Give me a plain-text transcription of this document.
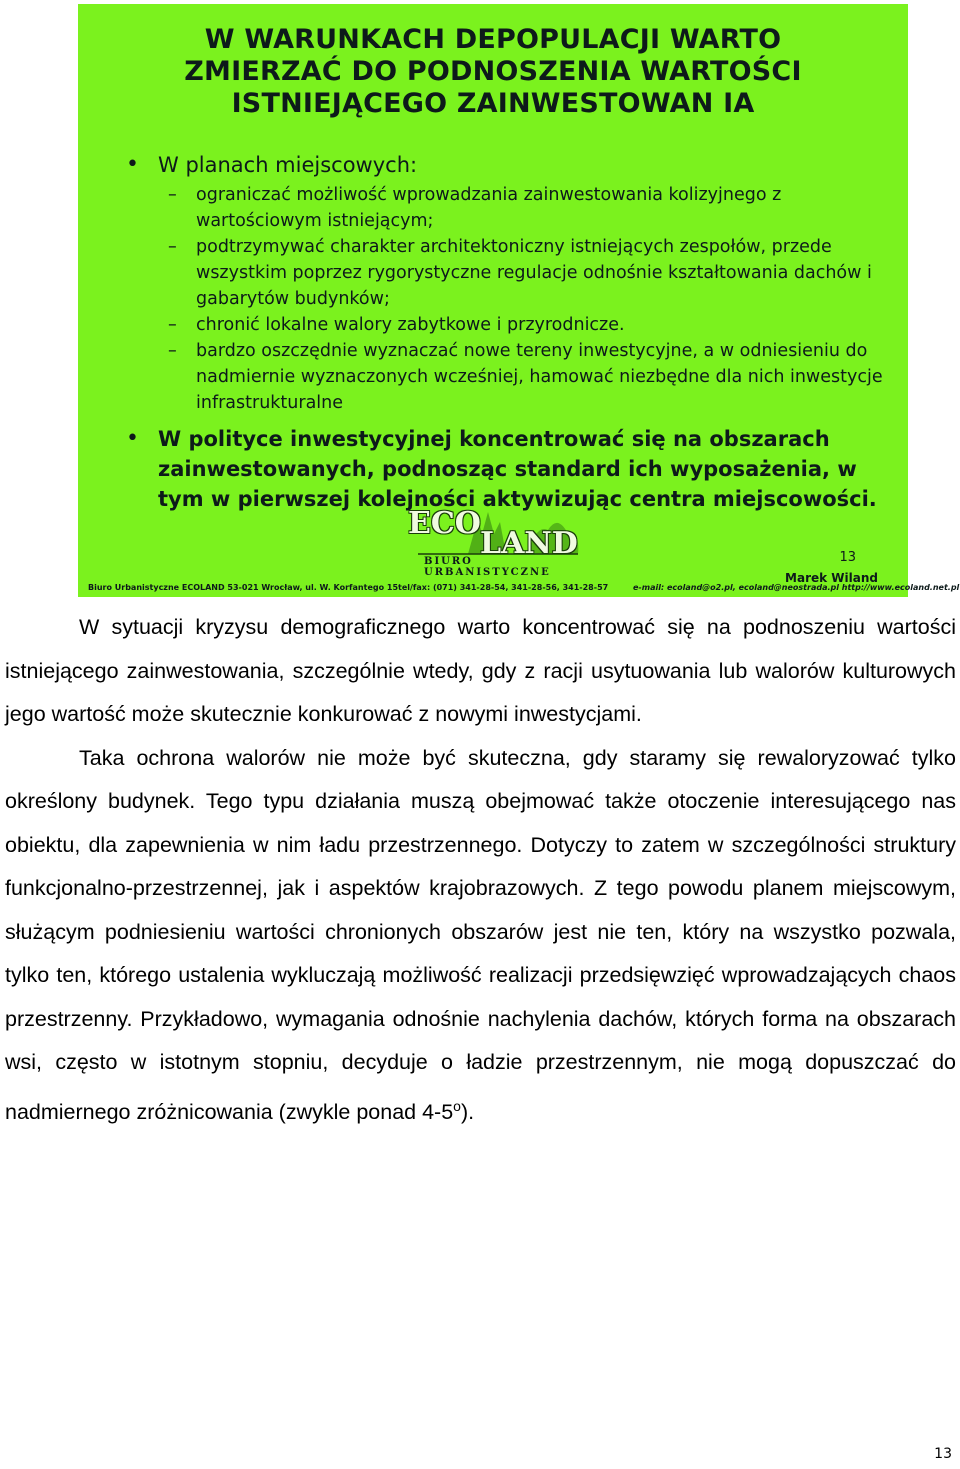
W WARUNKACH DEPOPULACJI WARTO
ZMIERZAĆ DO PODNOSZENIA WARTOŚCI
ISTNIEJĄCEGO ZAINWESTOWAN IA
• W planach miejscowych:
– ograniczać możliwość wprowadzania zainwestowania kolizyjnego z wartościowym istniejącym;
– podtrzymywać charakter architektoniczny istniejących zespołów, przede wszystkim poprzez rygorystyczne regulacje odnośnie kształtowania dachów i gabarytów budynków;
– chronić lokalne walory zabytkowe i przyrodnicze.
– bardzo oszczędnie wyznaczać nowe tereny inwestycyjne, a w odniesieniu do nadmiernie wyznaczonych wcześniej, hamować niezbędne dla nich inwestycje infrastrukturalne
• W polityce inwestycyjnej koncentrować się na obszarach zainwestowanych, podnosząc standard ich wyposażenia, w tym w pierwszej kolejności aktywizując centra miejscowości.
ECO
LAND
BIURO URBANISTYCZNE
13
Marek Wiland
Biuro Urbanistyczne ECOLAND 53-021 Wrocław, ul. W. Korfantego 15 tel/fax: (071) 341-28-54, 341-28-56, 341-28-57	e-mail: ecoland@o2.pl, ecoland@neostrada.pl http://www.ecoland.net.pl

W sytuacji kryzysu demograficznego warto koncentrować się na podnoszeniu wartości istniejącego zainwestowania, szczególnie wtedy, gdy z racji usytuowania lub walorów kulturowych jego wartość może skutecznie konkurować z nowymi inwestycjami.

Taka ochrona walorów nie może być skuteczna, gdy staramy się rewaloryzować tylko określony budynek. Tego typu działania muszą obejmować także otoczenie interesującego nas obiektu, dla zapewnienia w nim ładu przestrzennego. Dotyczy to zatem w szczególności struktury funkcjonalno-przestrzennej, jak i aspektów krajobrazowych. Z tego powodu planem miejscowym, służącym podniesieniu wartości chronionych obszarów jest nie ten, który na wszystko pozwala, tylko ten, którego ustalenia wykluczają możliwość realizacji przedsięwzięć wprowadzających chaos przestrzenny. Przykładowo, wymagania odnośnie nachylenia dachów, których forma na obszarach wsi, często w istotnym stopniu, decyduje o ładzie przestrzennym, nie mogą dopuszczać do nadmiernego zróżnicowania (zwykle ponad 4-5$^o$).

13
